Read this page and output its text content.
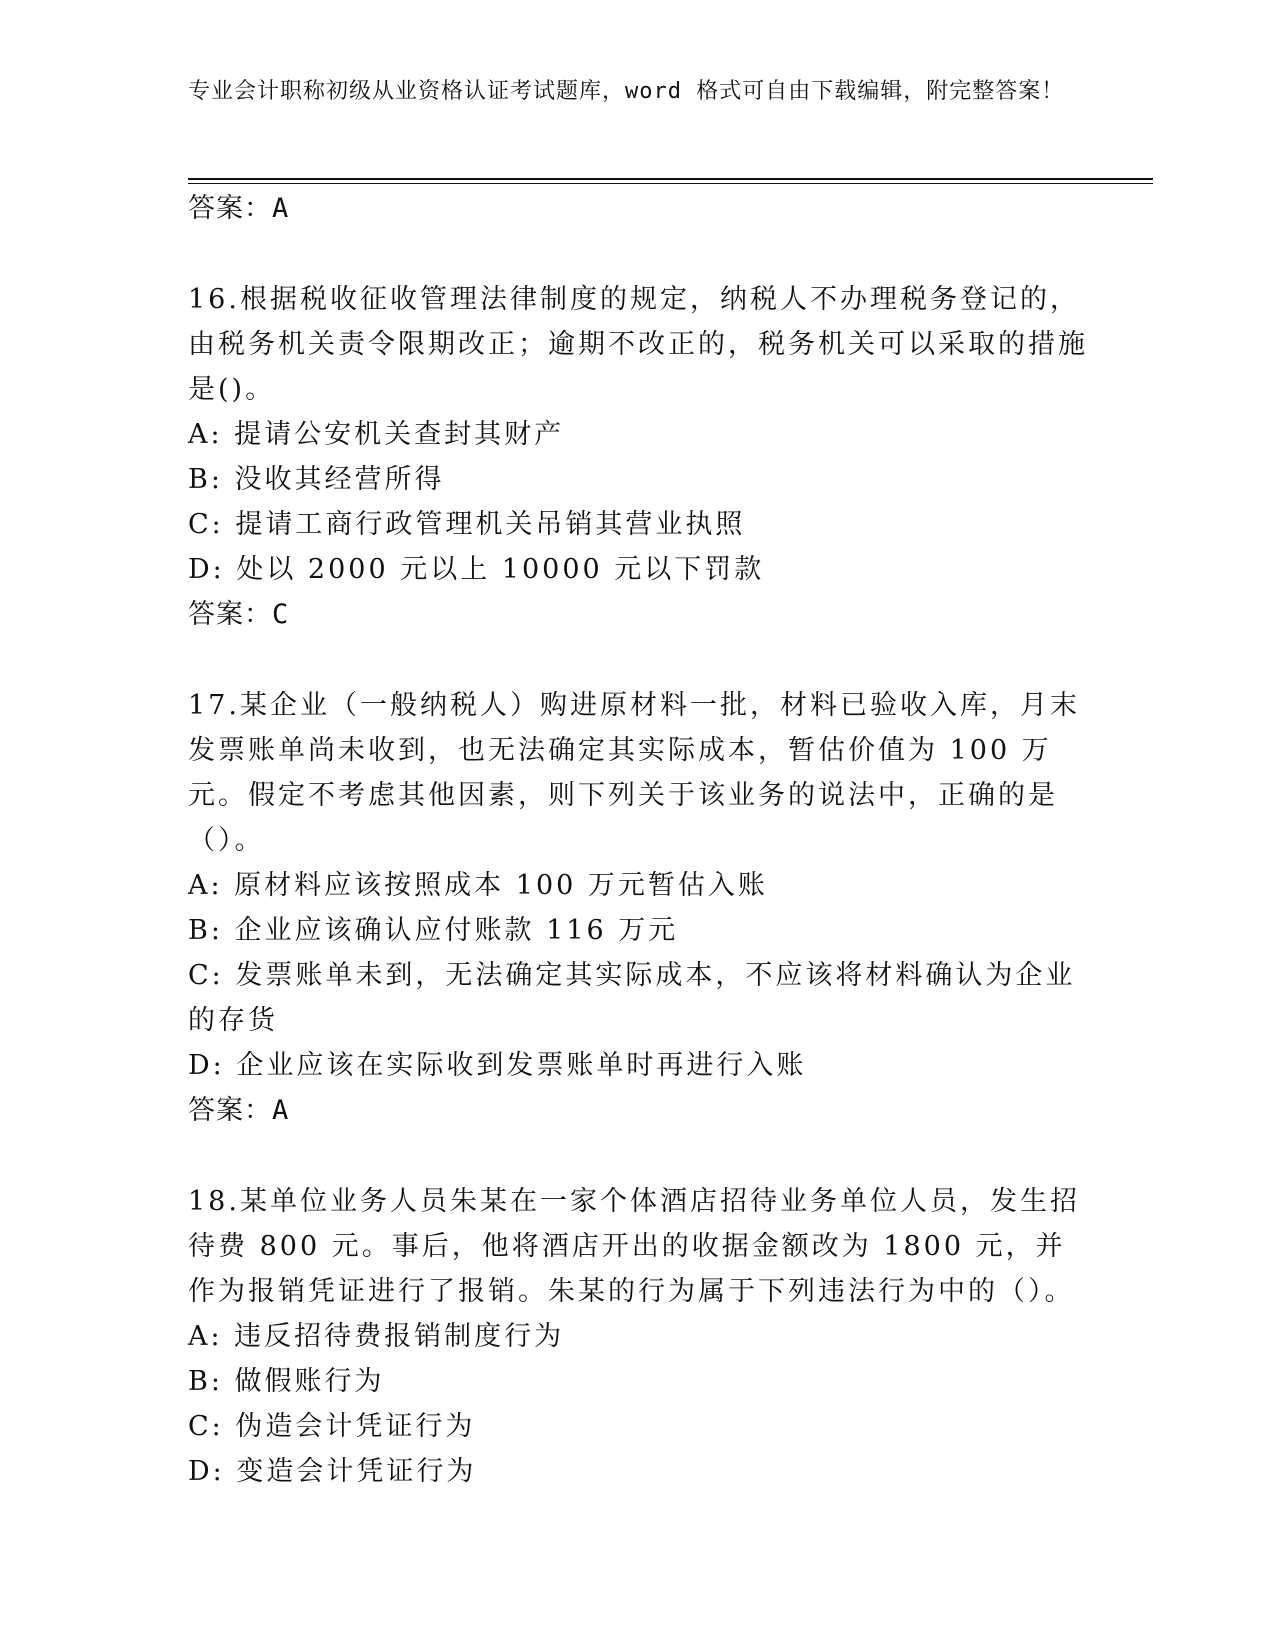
专业会计职称初级从业资格认证考试题库，word 格式可自由下载编辑，附完整答案！

答案：A

16.根据税收征收管理法律制度的规定，纳税人不办理税务登记的，由税务机关责令限期改正；逾期不改正的，税务机关可以采取的措施是()。

A: 提请公安机关查封其财产

B: 没收其经营所得

C: 提请工商行政管理机关吊销其营业执照

D: 处以 2000 元以上 10000 元以下罚款

答案：C

17.某企业（一般纳税人）购进原材料一批，材料已验收入库，月末发票账单尚未收到，也无法确定其实际成本，暂估价值为 100 万元。假定不考虑其他因素，则下列关于该业务的说法中，正确的是（）。

A: 原材料应该按照成本 100 万元暂估入账

B: 企业应该确认应付账款 116 万元

C: 发票账单未到，无法确定其实际成本，不应该将材料确认为企业的存货

D: 企业应该在实际收到发票账单时再进行入账

答案：A

18.某单位业务人员朱某在一家个体酒店招待业务单位人员，发生招待费 800 元。事后，他将酒店开出的收据金额改为 1800 元，并作为报销凭证进行了报销。朱某的行为属于下列违法行为中的（）。

A: 违反招待费报销制度行为

B: 做假账行为

C: 伪造会计凭证行为

D: 变造会计凭证行为
